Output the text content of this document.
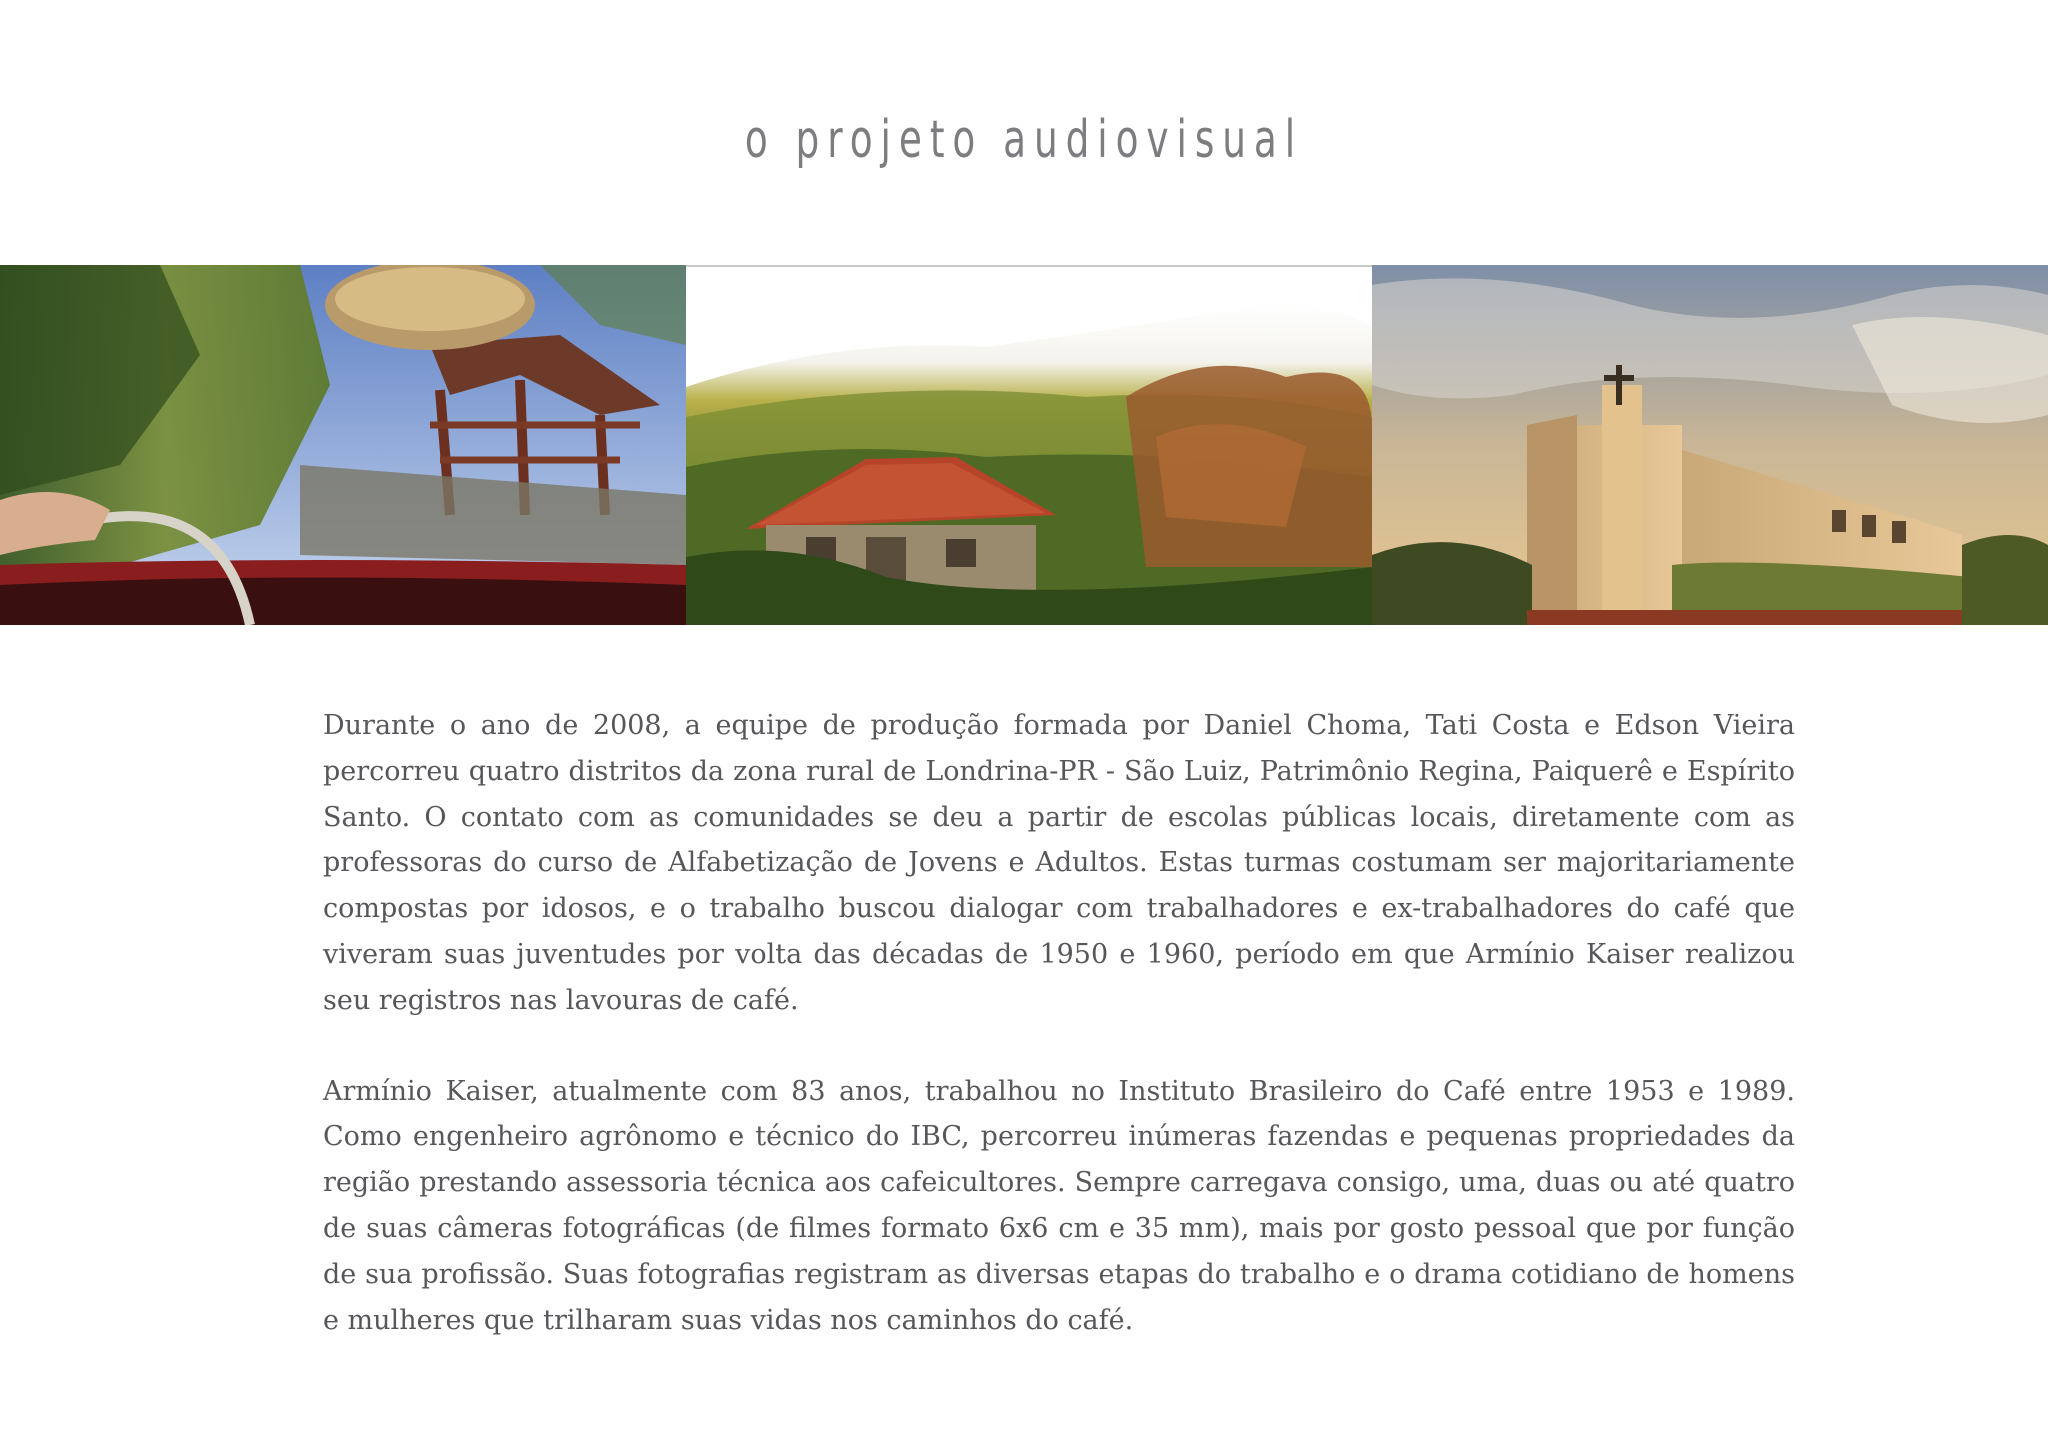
o projeto audiovisual

Durante o ano de 2008, a equipe de produção formada por Daniel Choma, Tati Costa e Edson Vieira percorreu quatro distritos da zona rural de Londrina-PR - São Luiz, Patrimônio Regina, Paiquerê e Espírito Santo. O contato com as comunidades se deu a partir de escolas públicas locais, diretamente com as professoras do curso de Alfabetização de Jovens e Adultos. Estas turmas costumam ser majoritariamente compostas por idosos, e o trabalho buscou dialogar com trabalhadores e ex-trabalhadores do café que viveram suas juventudes por volta das décadas de 1950 e 1960, período em que Armínio Kaiser realizou seu registros nas lavouras de café.

Armínio Kaiser, atualmente com 83 anos, trabalhou no Instituto Brasileiro do Café entre 1953 e 1989. Como engenheiro agrônomo e técnico do IBC, percorreu inúmeras fazendas e pequenas propriedades da região prestando assessoria técnica aos cafeicultores. Sempre carregava consigo, uma, duas ou até quatro de suas câmeras fotográficas (de filmes formato 6x6 cm e 35 mm), mais por gosto pessoal que por função de sua profissão. Suas fotografias registram as diversas etapas do trabalho e o drama cotidiano de homens e mulheres que trilharam suas vidas nos caminhos do café.
